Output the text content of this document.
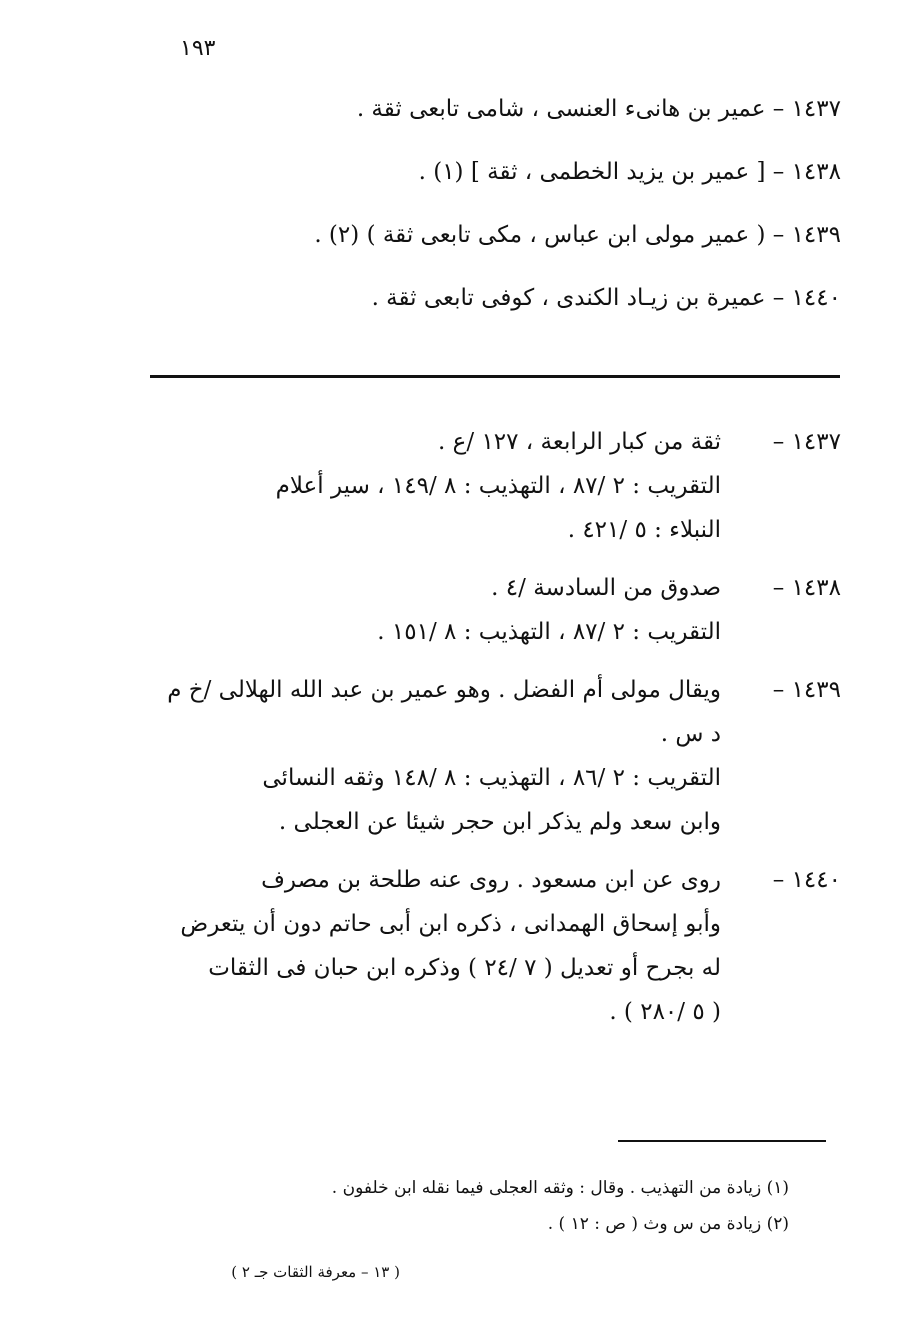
١٩٣
١٤٣٧ – عمير بن هانىء العنسى ، شامى تابعى ثقة .
١٤٣٨ – [ عمير بن يزيد الخطمى ، ثقة ] (١) .
١٤٣٩ – ( عمير مولى ابن عباس ، مكى تابعى ثقة ) (٢) .
١٤٤٠ – عميرة بن زيـاد الكندى ، كوفى تابعى ثقة .
١٤٣٧ –ثقة من كبار الرابعة ، ١٢٧ /ع .
التقريب : ٢ /٨٧ ، التهذيب : ٨ /١٤٩ ، سير أعلام
النبلاء : ٥ /٤٢١ .
١٤٣٨ –صدوق من السادسة /٤ .
التقريب : ٢ /٨٧ ، التهذيب : ٨ /١٥١ .
١٤٣٩ –ويقال مولى أم الفضل . وهو عمير بن عبد الله الهلالى /خ م
د س .
التقريب : ٢ /٨٦ ، التهذيب : ٨ /١٤٨ وثقه النسائى
وابن سعد ولم يذكر ابن حجر شيئا عن العجلى .
١٤٤٠ –روى عن ابن مسعود . روى عنه طلحة بن مصرف
وأبو إسحاق الهمدانى ، ذكره ابن أبى حاتم دون أن يتعرض
له بجرح أو تعديل ( ٧ /٢٤ ) وذكره ابن حبان فى الثقات
( ٥ /٢٨٠ ) .
(١) زيادة من التهذيب . وقال : وثقه العجلى فيما نقله ابن خلفون .
(٢) زيادة من س وث ( ص : ١٢ ) .
( ١٣ – معرفة الثقات جـ ٢ )
